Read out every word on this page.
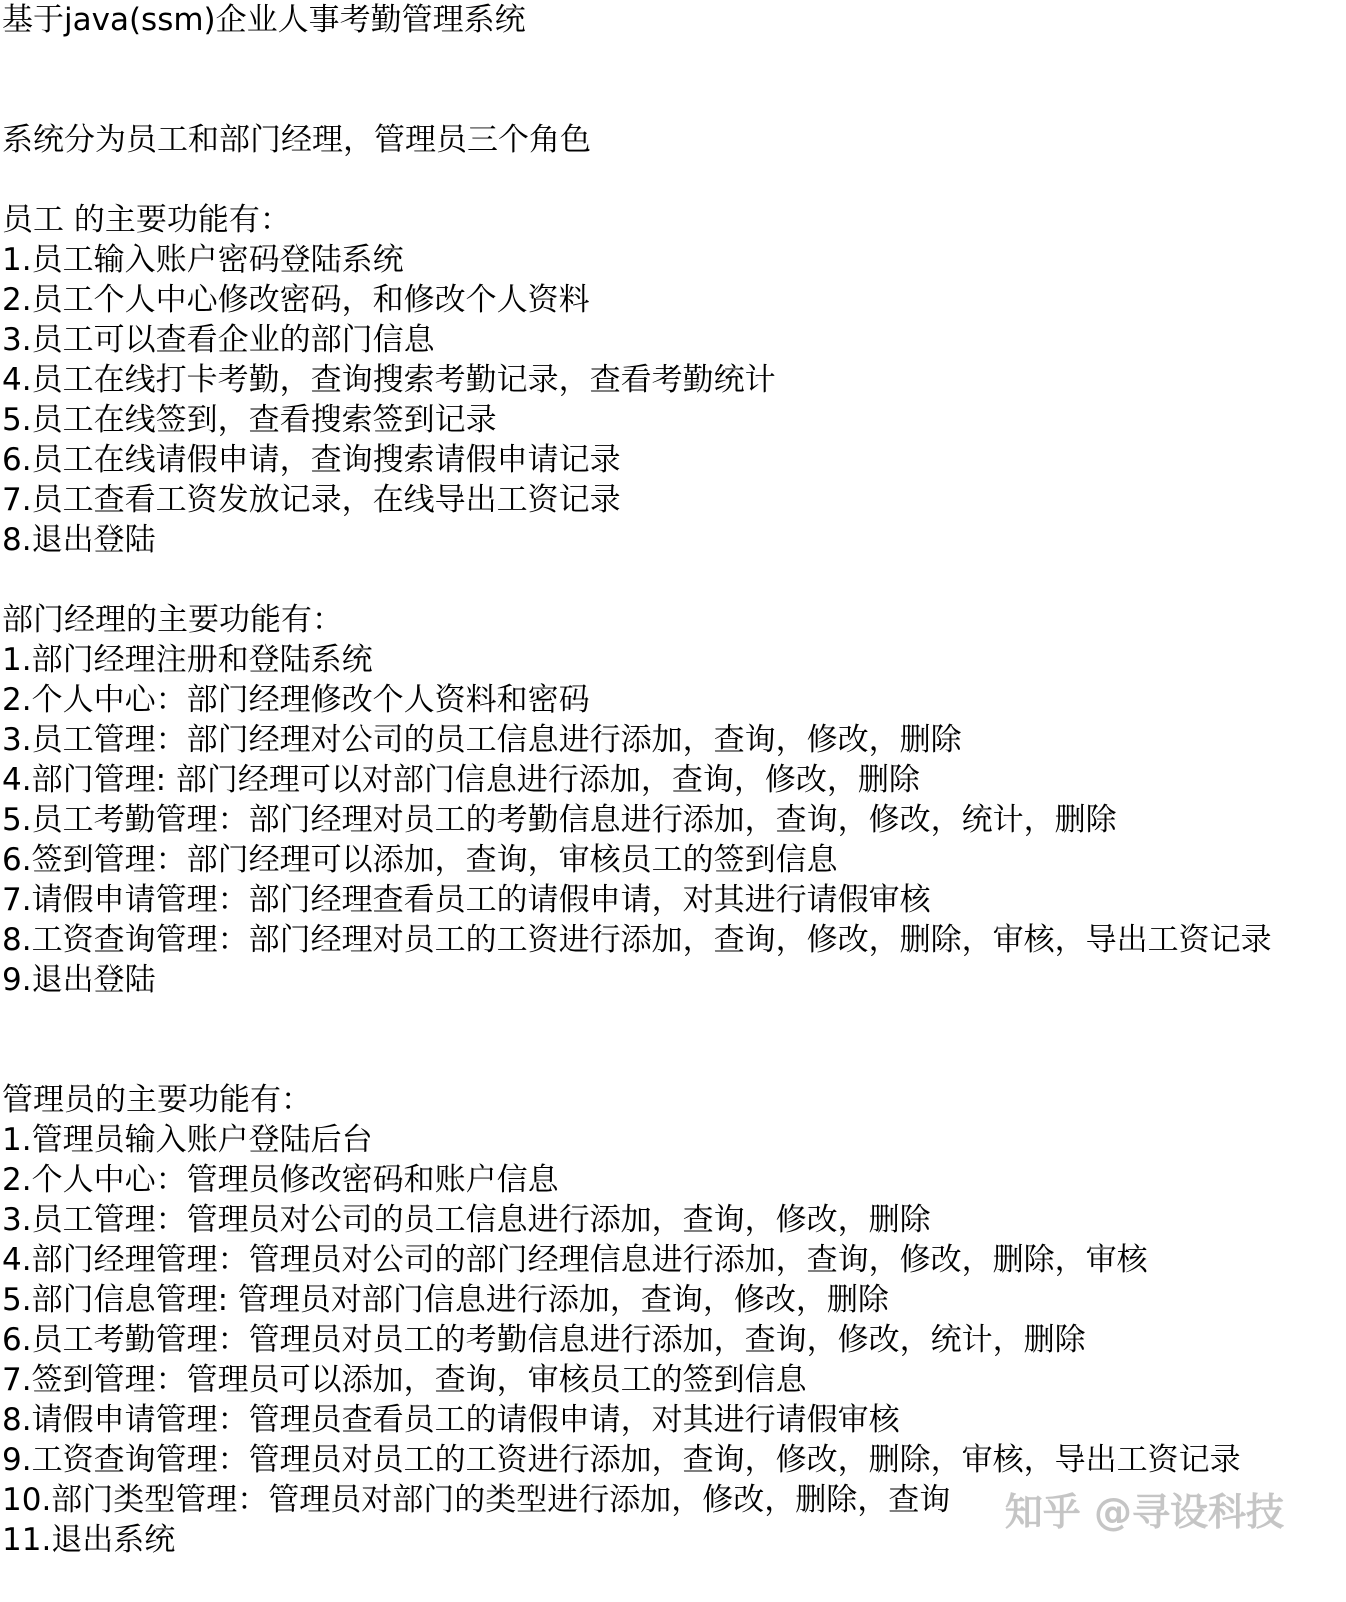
基于java(ssm)企业人事考勤管理系统
系统分为员工和部门经理，管理员三个角色
员工 的主要功能有：
1.员工输入账户密码登陆系统
2.员工个人中心修改密码，和修改个人资料
3.员工可以查看企业的部门信息
4.员工在线打卡考勤，查询搜索考勤记录，查看考勤统计
5.员工在线签到，查看搜索签到记录
6.员工在线请假申请，查询搜索请假申请记录
7.员工查看工资发放记录，在线导出工资记录
8.退出登陆
部门经理的主要功能有：
1.部门经理注册和登陆系统
2.个人中心：部门经理修改个人资料和密码
3.员工管理：部门经理对公司的员工信息进行添加，查询，修改，删除
4.部门管理: 部门经理可以对部门信息进行添加，查询，修改，删除
5.员工考勤管理：部门经理对员工的考勤信息进行添加，查询，修改，统计，删除
6.签到管理：部门经理可以添加，查询，审核员工的签到信息
7.请假申请管理：部门经理查看员工的请假申请，对其进行请假审核
8.工资查询管理：部门经理对员工的工资进行添加，查询，修改，删除，审核，导出工资记录
9.退出登陆
管理员的主要功能有：
1.管理员输入账户登陆后台
2.个人中心：管理员修改密码和账户信息
3.员工管理：管理员对公司的员工信息进行添加，查询，修改，删除
4.部门经理管理：管理员对公司的部门经理信息进行添加，查询，修改，删除，审核
5.部门信息管理: 管理员对部门信息进行添加，查询，修改，删除
6.员工考勤管理：管理员对员工的考勤信息进行添加，查询，修改，统计，删除
7.签到管理：管理员可以添加，查询，审核员工的签到信息
8.请假申请管理：管理员查看员工的请假申请，对其进行请假审核
9.工资查询管理：管理员对员工的工资进行添加，查询，修改，删除，审核，导出工资记录
10.部门类型管理：管理员对部门的类型进行添加，修改，删除，查询
11.退出系统
知乎 @寻设科技
